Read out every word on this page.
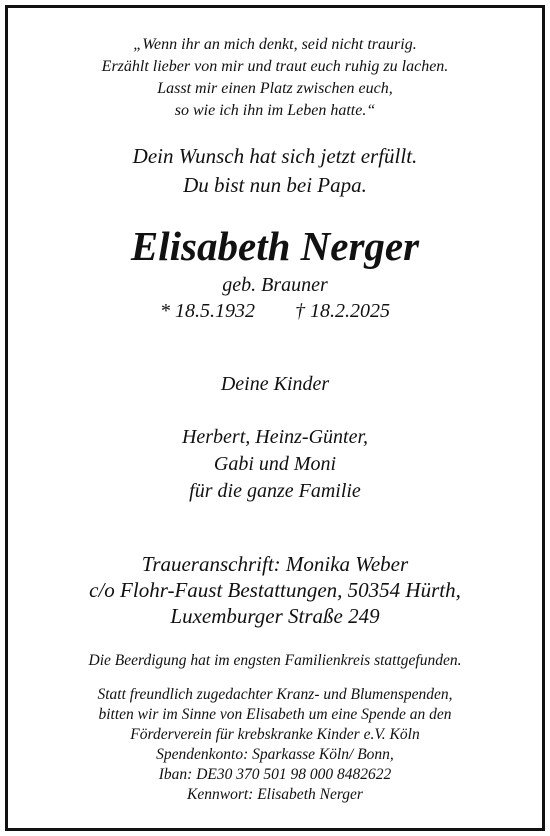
„Wenn ihr an mich denkt, seid nicht traurig.
Erzählt lieber von mir und traut euch ruhig zu lachen.
Lasst mir einen Platz zwischen euch,
so wie ich ihn im Leben hatte.“
Dein Wunsch hat sich jetzt erfüllt.
Du bist nun bei Papa.
Elisabeth Nerger
geb. Brauner
* 18.5.1932 † 18.2.2025
Deine Kinder
Herbert, Heinz-Günter,
Gabi und Moni
für die ganze Familie
Traueranschrift: Monika Weber
c/o Flohr-Faust Bestattungen, 50354 Hürth,
Luxemburger Straße 249
Die Beerdigung hat im engsten Familienkreis stattgefunden.
Statt freundlich zugedachter Kranz- und Blumenspenden,
bitten wir im Sinne von Elisabeth um eine Spende an den
Förderverein für krebskranke Kinder e.V. Köln
Spendenkonto: Sparkasse Köln/ Bonn,
Iban: DE30 370 501 98 000 8482622
Kennwort: Elisabeth Nerger
